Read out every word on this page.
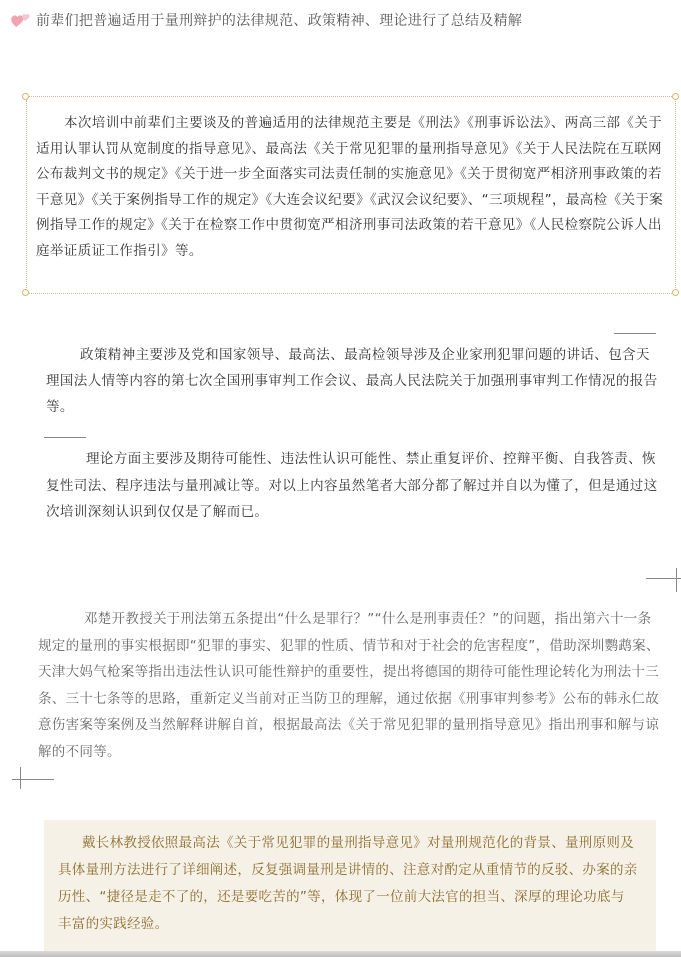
前辈们把普遍适用于量刑辩护的法律规范、政策精神、理论进行了总结及精解

本次培训中前辈们主要谈及的普遍适用的法律规范主要是《刑法》《刑事诉讼法》、两高三部《关于适用认罪认罚从宽制度的指导意见》、最高法《关于常见犯罪的量刑指导意见》《关于人民法院在互联网公布裁判文书的规定》《关于进一步全面落实司法责任制的实施意见》《关于贯彻宽严相济刑事政策的若干意见》《关于案例指导工作的规定》《大连会议纪要》《武汉会议纪要》、“三项规程”，最高检《关于案例指导工作的规定》《关于在检察工作中贯彻宽严相济刑事司法政策的若干意见》《人民检察院公诉人出庭举证质证工作指引》等。

政策精神主要涉及党和国家领导、最高法、最高检领导涉及企业家刑犯罪问题的讲话、包含天理国法人情等内容的第七次全国刑事审判工作会议、最高人民法院关于加强刑事审判工作情况的报告等。

理论方面主要涉及期待可能性、违法性认识可能性、禁止重复评价、控辩平衡、自我答责、恢复性司法、程序违法与量刑减让等。对以上内容虽然笔者大部分都了解过并自以为懂了，但是通过这次培训深刻认识到仅仅是了解而已。

邓楚开教授关于刑法第五条提出“什么是罪行？”“什么是刑事责任？”的问题，指出第六十一条规定的量刑的事实根据即“犯罪的事实、犯罪的性质、情节和对于社会的危害程度”，借助深圳鹦鹉案、天津大妈气枪案等指出违法性认识可能性辩护的重要性，提出将德国的期待可能性理论转化为刑法十三条、三十七条等的思路，重新定义当前对正当防卫的理解，通过依据《刑事审判参考》公布的韩永仁故意伤害案等案例及当然解释讲解自首，根据最高法《关于常见犯罪的量刑指导意见》指出刑事和解与谅解的不同等。

戴长林教授依照最高法《关于常见犯罪的量刑指导意见》对量刑规范化的背景、量刑原则及具体量刑方法进行了详细阐述，反复强调量刑是讲情的、注意对酌定从重情节的反驳、办案的亲历性、“捷径是走不了的，还是要吃苦的”等，体现了一位前大法官的担当、深厚的理论功底与丰富的实践经验。
